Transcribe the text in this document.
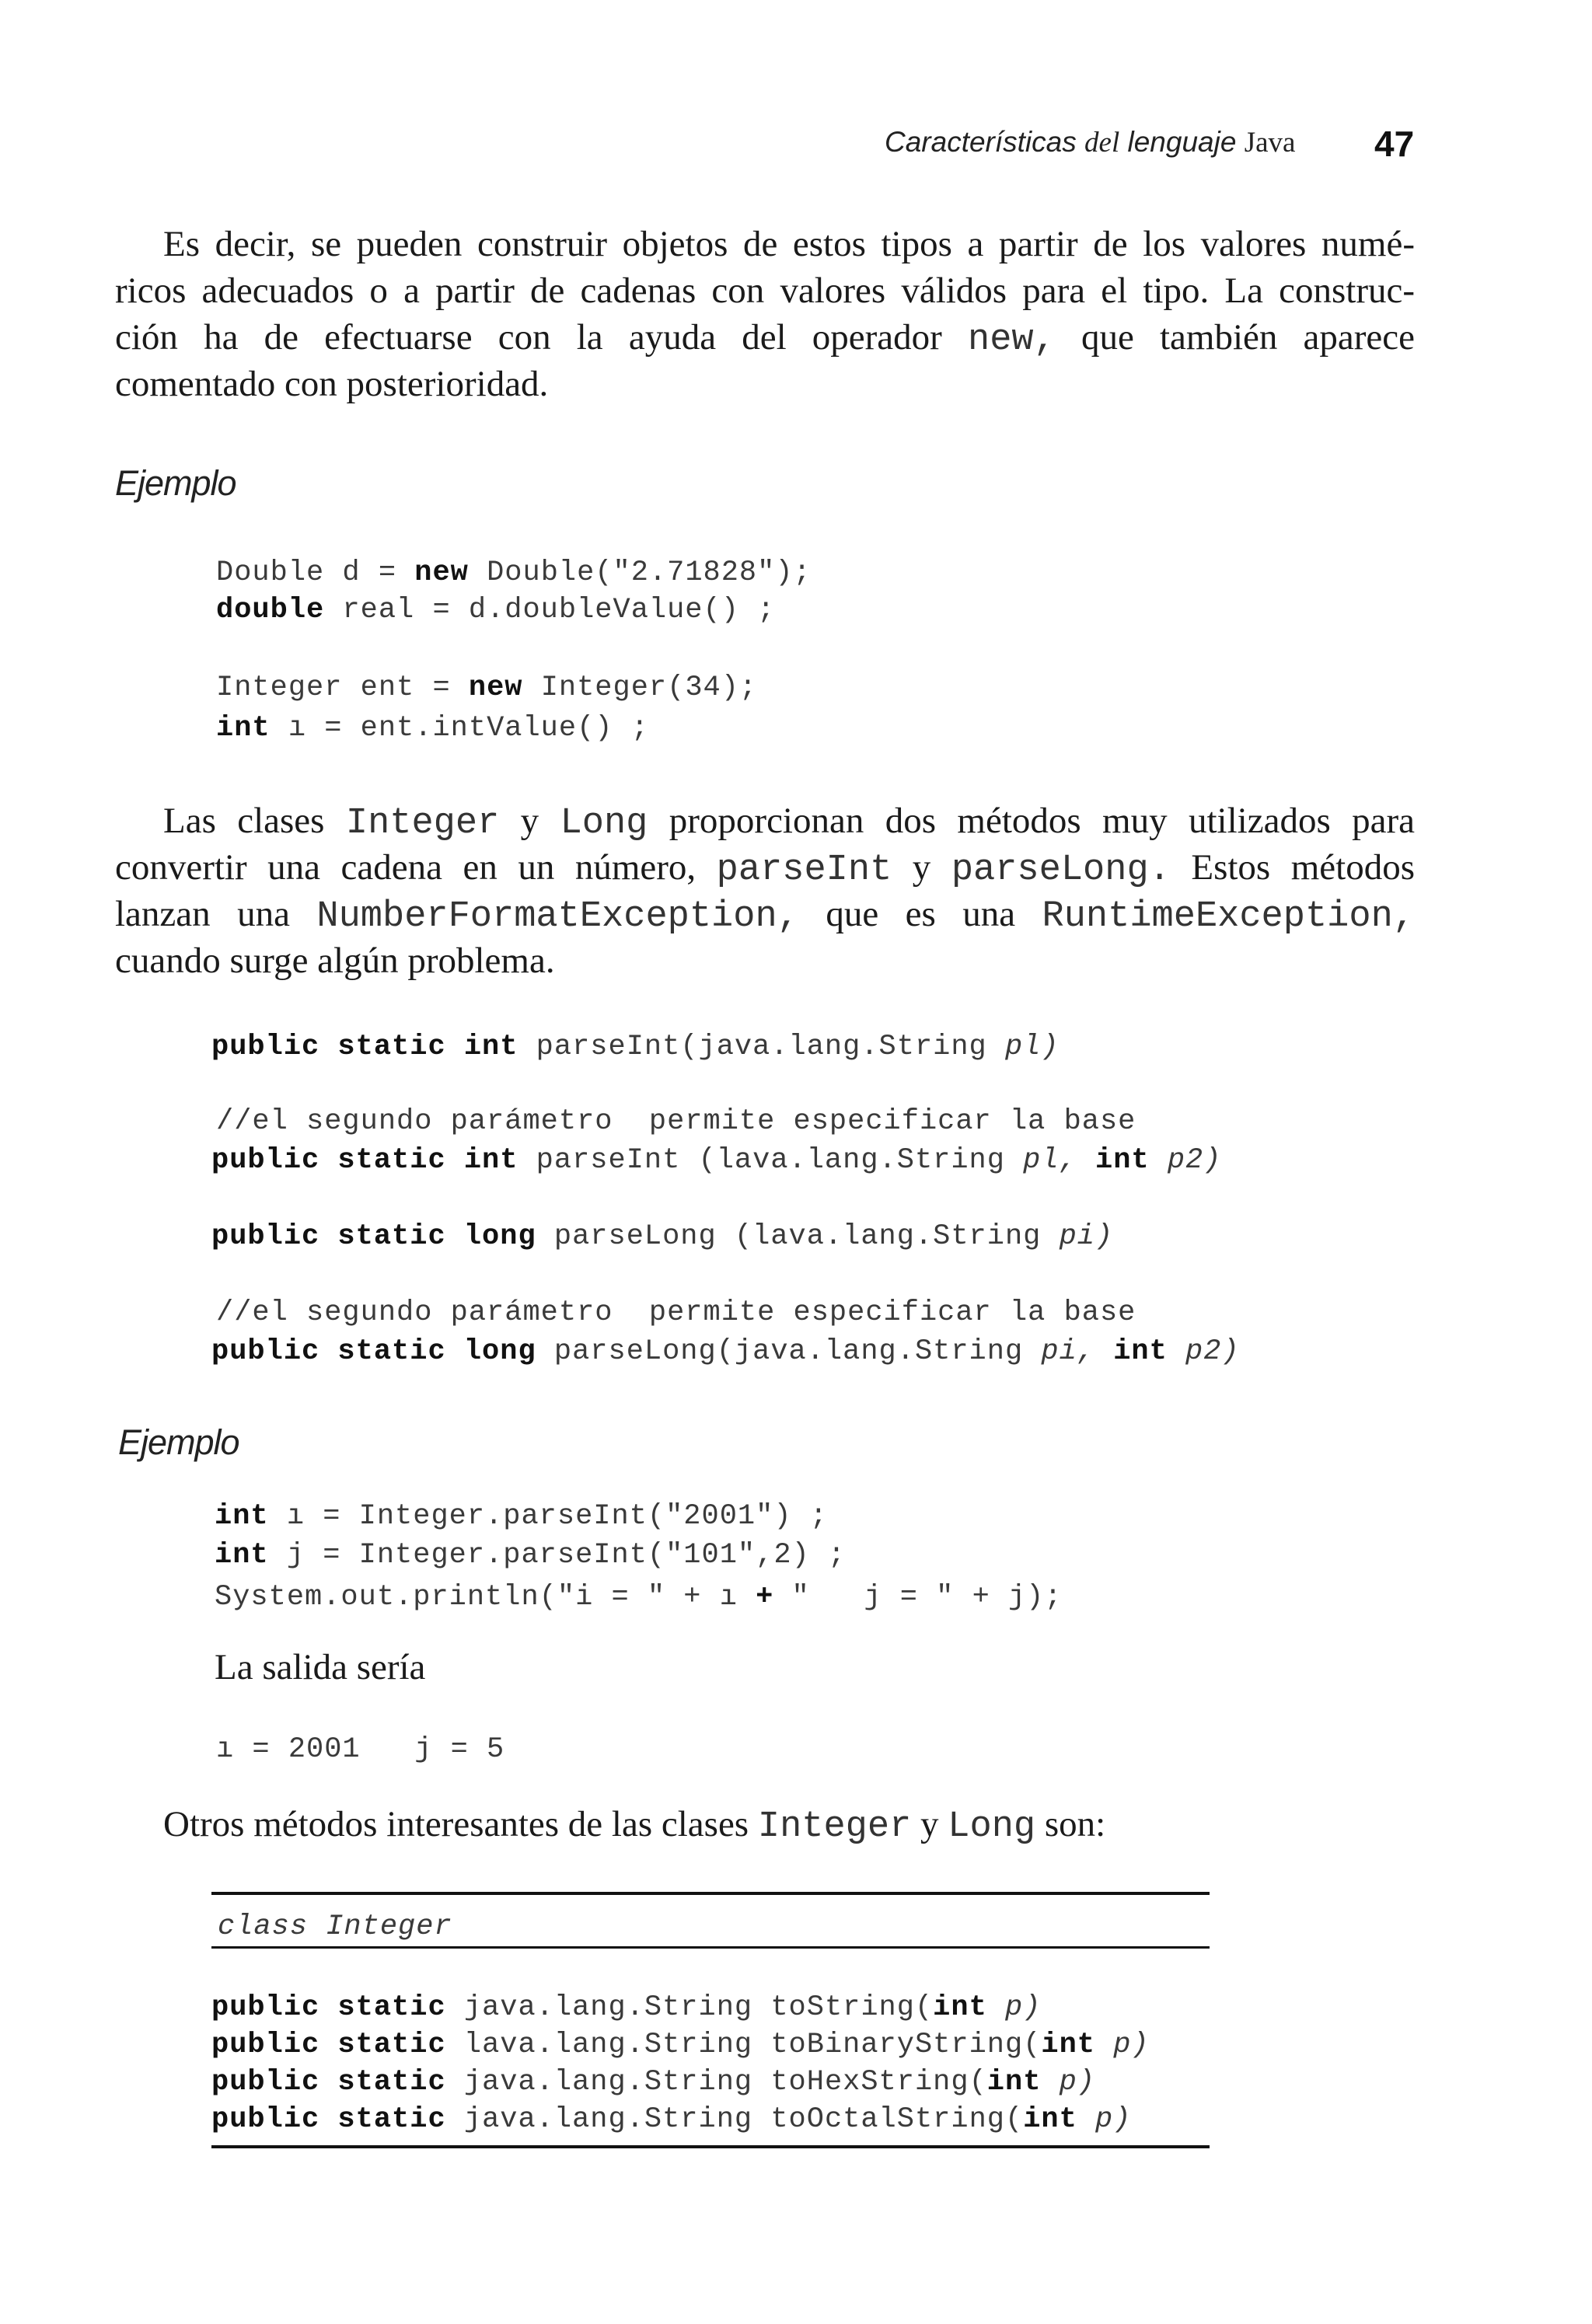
Características del lenguaje Java 47
Es decir, se pueden construir objetos de estos tipos a partir de los valores numé-
ricos adecuados o a partir de cadenas con valores válidos para el tipo. La construc-
ción ha de efectuarse con la ayuda del operador new, que también aparece
comentado con posterioridad.
Ejemplo
Double d = new Double("2.71828");
double real = d.doubleValue() ;
Integer ent = new Integer(34);
int ı = ent.intValue() ;
Las clases Integer y Long proporcionan dos métodos muy utilizados para
convertir una cadena en un número, parseInt y parseLong. Estos métodos
lanzan una NumberFormatException, que es una RuntimeException,
cuando surge algún problema.
public static int parseInt(java.lang.String pl)
//el segundo parámetro  permite especificar la base
public static int parseInt (lava.lang.String pl, int p2)
public static long parseLong (lava.lang.String pi)
//el segundo parámetro  permite especificar la base
public static long parseLong(java.lang.String pi, int p2)
Ejemplo
int ı = Integer.parseInt("2001") ;
int j = Integer.parseInt("101",2) ;
System.out.println("i = " + ı + "   j = " + j);
La salida sería
ı = 2001   j = 5
Otros métodos interesantes de las clases Integer y Long son:
class Integer
public static java.lang.String toString(int p)
public static lava.lang.String toBinaryString(int p)
public static java.lang.String toHexString(int p)
public static java.lang.String toOctalString(int p)
